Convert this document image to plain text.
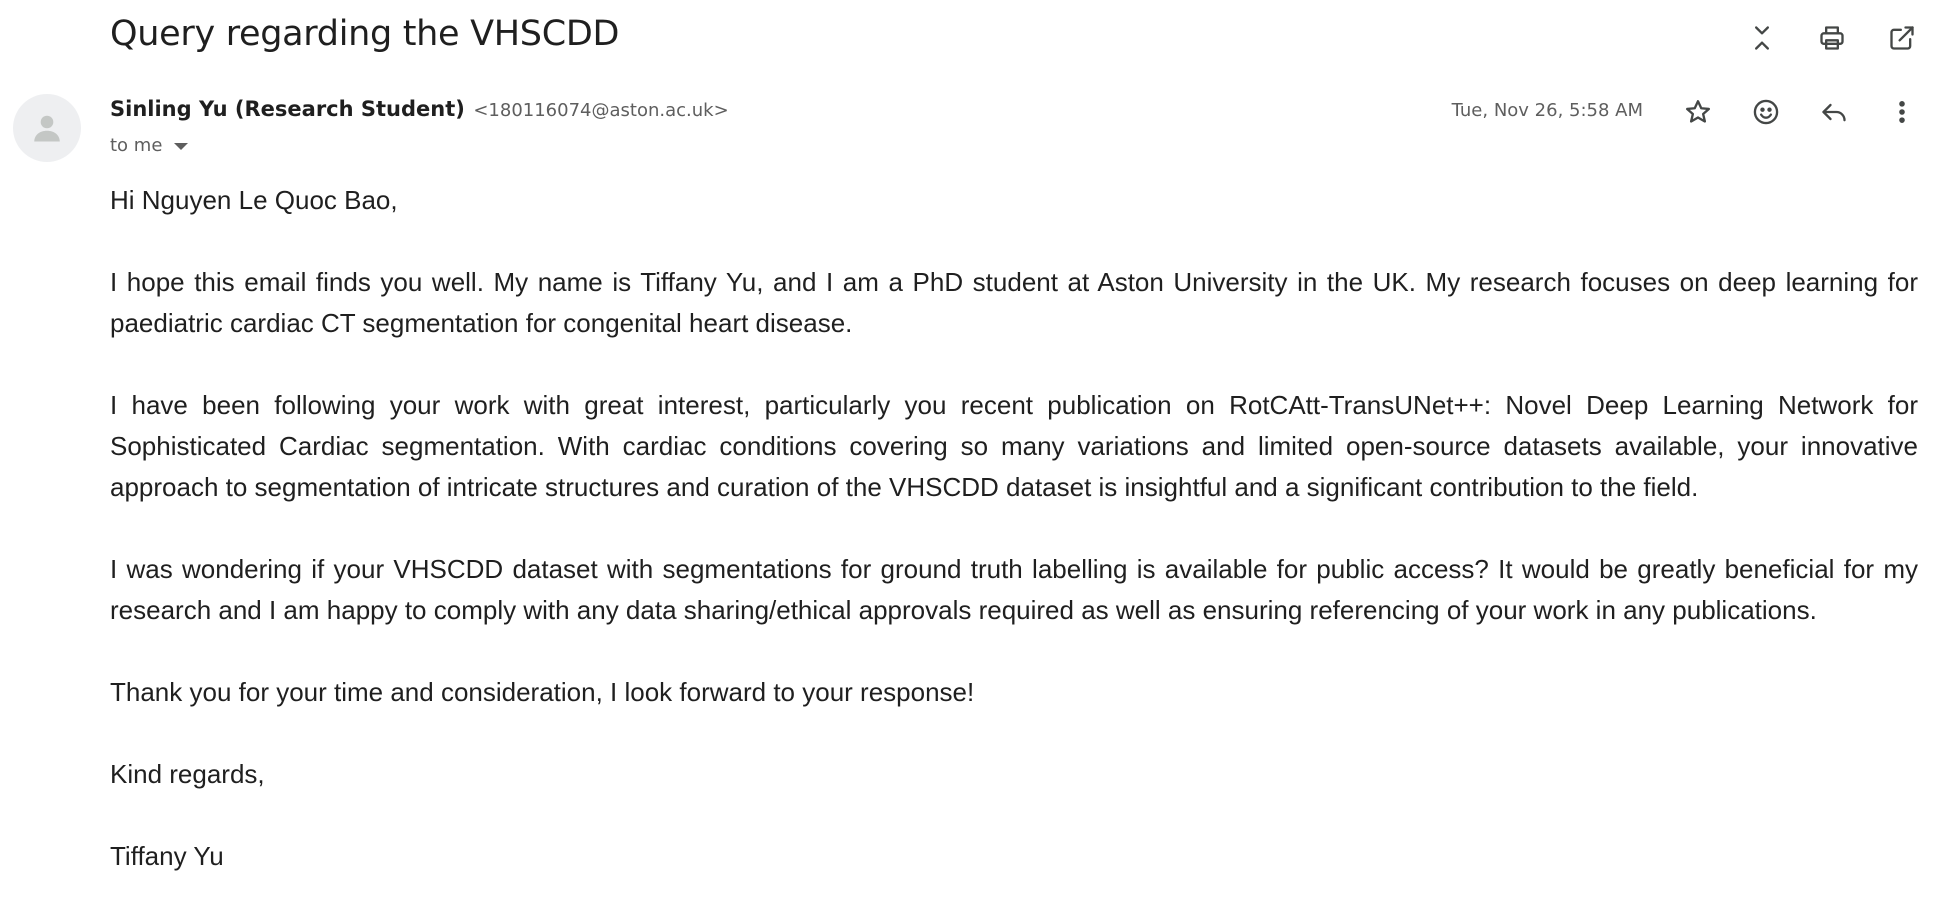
Query regarding the VHSCDD
Sinling Yu (Research Student) <180116074@aston.ac.uk>
to me
Tue, Nov 26, 5:58 AM

Hi Nguyen Le Quoc Bao,

I hope this email finds you well. My name is Tiffany Yu, and I am a PhD student at Aston University in the UK. My research focuses on deep learning for paediatric cardiac CT segmentation for congenital heart disease.

I have been following your work with great interest, particularly you recent publication on RotCAtt-TransUNet++: Novel Deep Learning Network for Sophisticated Cardiac segmentation. With cardiac conditions covering so many variations and limited open-source datasets available, your innovative approach to segmentation of intricate structures and curation of the VHSCDD dataset is insightful and a significant contribution to the field.

I was wondering if your VHSCDD dataset with segmentations for ground truth labelling is available for public access? It would be greatly beneficial for my research and I am happy to comply with any data sharing/ethical approvals required as well as ensuring referencing of your work in any publications.

Thank you for your time and consideration, I look forward to your response!

Kind regards,

Tiffany Yu
